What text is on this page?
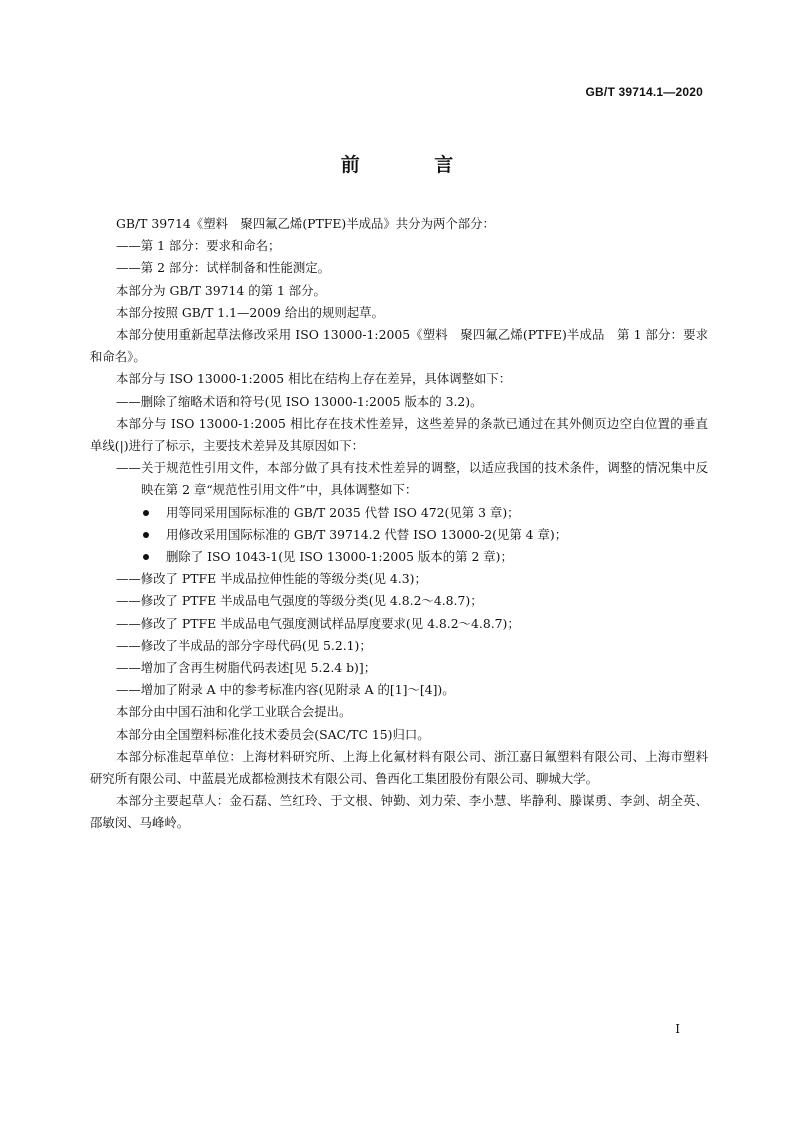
GB/T 39714.1—2020
前 言

GB/T 39714《塑料　聚四氟乙烯(PTFE)半成品》共分为两个部分：

——第 1 部分：要求和命名；

——第 2 部分：试样制备和性能测定。

本部分为 GB/T 39714 的第 1 部分。

本部分按照 GB/T 1.1—2009 给出的规则起草。

本部分使用重新起草法修改采用 ISO 13000-1:2005《塑料　聚四氟乙烯(PTFE)半成品　第 1 部分：要求和命名》。

本部分与 ISO 13000-1:2005 相比在结构上存在差异，具体调整如下：

——删除了缩略术语和符号(见 ISO 13000-1:2005 版本的 3.2)。

本部分与 ISO 13000-1:2005 相比存在技术性差异，这些差异的条款已通过在其外侧页边空白位置的垂直单线(|)进行了标示，主要技术差异及其原因如下：

——关于规范性引用文件，本部分做了具有技术性差异的调整，以适应我国的技术条件，调整的情况集中反映在第 2 章“规范性引用文件”中，具体调整如下：

用等同采用国际标准的 GB/T 2035 代替 ISO 472(见第 3 章)；

用修改采用国际标准的 GB/T 39714.2 代替 ISO 13000-2(见第 4 章)；

删除了 ISO 1043-1(见 ISO 13000-1:2005 版本的第 2 章)；

——修改了 PTFE 半成品拉伸性能的等级分类(见 4.3)；

——修改了 PTFE 半成品电气强度的等级分类(见 4.8.2～4.8.7)；

——修改了 PTFE 半成品电气强度测试样品厚度要求(见 4.8.2～4.8.7)；

——修改了半成品的部分字母代码(见 5.2.1)；

——增加了含再生树脂代码表述[见 5.2.4 b)]；

——增加了附录 A 中的参考标准内容(见附录 A 的[1]～[4])。

本部分由中国石油和化学工业联合会提出。

本部分由全国塑料标准化技术委员会(SAC/TC 15)归口。

本部分标准起草单位：上海材料研究所、上海上化氟材料有限公司、浙江嘉日氟塑料有限公司、上海市塑料研究所有限公司、中蓝晨光成都检测技术有限公司、鲁西化工集团股份有限公司、聊城大学。

本部分主要起草人：金石磊、竺红玲、于文根、钟勤、刘力荣、李小慧、毕静利、滕谋勇、李剑、胡全英、邵敏闵、马峰岭。

I
